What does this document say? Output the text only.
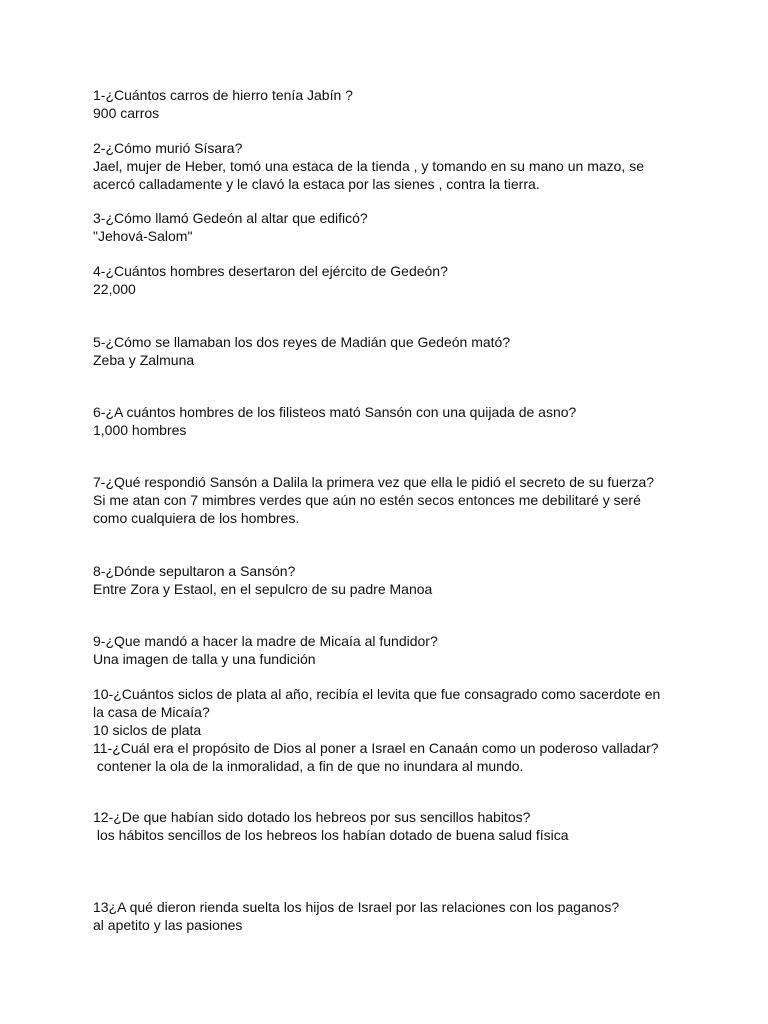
1-¿Cuántos carros de hierro tenía Jabín ?
900 carros
2-¿Cómo murió Sísara?
Jael, mujer de Heber, tomó una estaca de la tienda , y tomando en su mano un mazo, se
acercó calladamente y le clavó la estaca por las sienes , contra la tierra.
3-¿Cómo llamó Gedeón al altar que edificó?
"Jehová-Salom"
4-¿Cuántos hombres desertaron del ejército de Gedeón?
22,000
5-¿Cómo se llamaban los dos reyes de Madián que Gedeón mató?
Zeba y Zalmuna
6-¿A cuántos hombres de los filisteos mató Sansón con una quijada de asno?
1,000 hombres
7-¿Qué respondió Sansón a Dalila la primera vez que ella le pidió el secreto de su fuerza?
Si me atan con 7 mimbres verdes que aún no estén secos entonces me debilitaré y seré
como cualquiera de los hombres.
8-¿Dónde sepultaron a Sansón?
Entre Zora y Estaol, en el sepulcro de su padre Manoa
9-¿Que mandó a hacer la madre de Micaía al fundidor?
Una imagen de talla y una fundición
10-¿Cuántos siclos de plata al año, recibía el levita que fue consagrado como sacerdote en
la casa de Micaía?
10 siclos de plata
11-¿Cuál era el propósito de Dios al poner a Israel en Canaán como un poderoso valladar?
contener la ola de la inmoralidad, a fin de que no inundara al mundo.
12-¿De que habían sido dotado los hebreos por sus sencillos habitos?
los hábitos sencillos de los hebreos los habían dotado de buena salud física
13¿A qué dieron rienda suelta los hijos de Israel por las relaciones con los paganos?
al apetito y las pasiones
